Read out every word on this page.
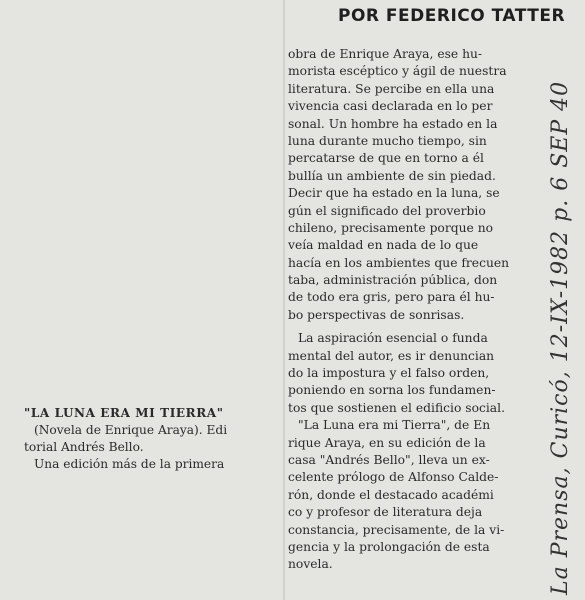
POR FEDERICO TATTER

"LA LUNA ERA MI TIERRA"

(Novela de Enrique Araya). Edi

torial Andrés Bello.

Una edición más de la primera

obra de Enrique Araya, ese hu-
morista escéptico y ágil de nuestra
literatura. Se percibe en ella una
vivencia casi declarada en lo per
sonal. Un hombre ha estado en la
luna durante mucho tiempo, sin
percatarse de que en torno a él
bullía un ambiente de sin piedad.
Decir que ha estado en la luna, se
gún el significado del proverbio
chileno, precisamente porque no
veía maldad en nada de lo que
hacía en los ambientes que frecuen
taba, administración pública, don
de todo era gris, pero para él hu-
bo perspectivas de sonrisas.
La aspiración esencial o funda
mental del autor, es ir denuncian
do la impostura y el falso orden,
poniendo en sorna los fundamen-
tos que sostienen el edificio social.
"La Luna era mi Tierra", de En
rique Araya, en su edición de la
casa "Andrés Bello", lleva un ex-
celente prólogo de Alfonso Calde-
rón, donde el destacado académi
co y profesor de literatura deja
constancia, precisamente, de la vi-
gencia y la prolongación de esta
novela.	La Prensa, Curicó, 12-IX-1982 p. 6 SEP 40
